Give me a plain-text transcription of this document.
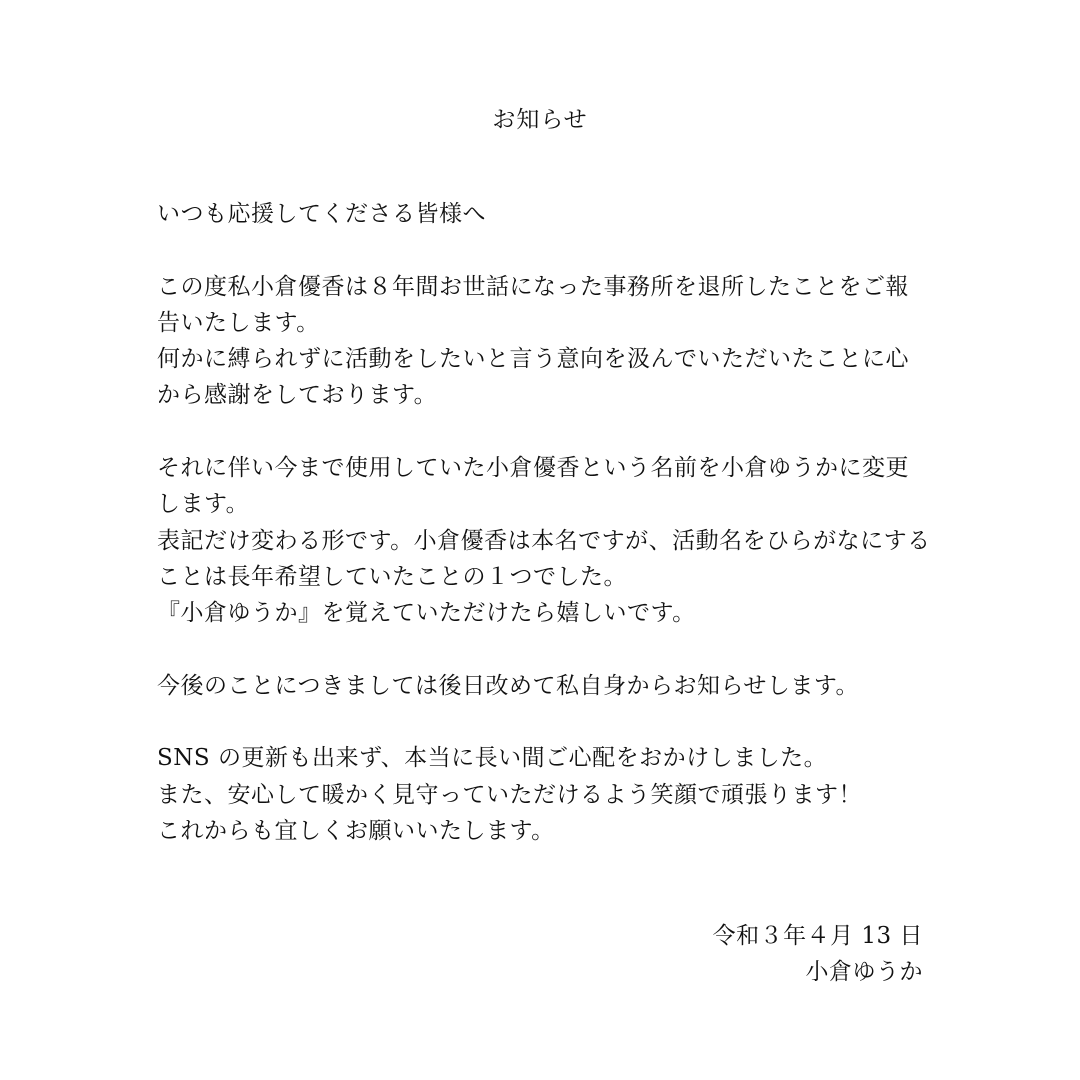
お知らせ
いつも応援してくださる皆様へ
この度私小倉優香は８年間お世話になった事務所を退所したことをご報
告いたします。
何かに縛られずに活動をしたいと言う意向を汲んでいただいたことに心
から感謝をしております。
それに伴い今まで使用していた小倉優香という名前を小倉ゆうかに変更
します。
表記だけ変わる形です。小倉優香は本名ですが、活動名をひらがなにする
ことは長年希望していたことの１つでした。
『小倉ゆうか』を覚えていただけたら嬉しいです。
今後のことにつきましては後日改めて私自身からお知らせします。
SNS の更新も出来ず、本当に長い間ご心配をおかけしました。
また、安心して暖かく見守っていただけるよう笑顔で頑張ります！
これからも宜しくお願いいたします。
令和３年４月 13 日
小倉ゆうか
